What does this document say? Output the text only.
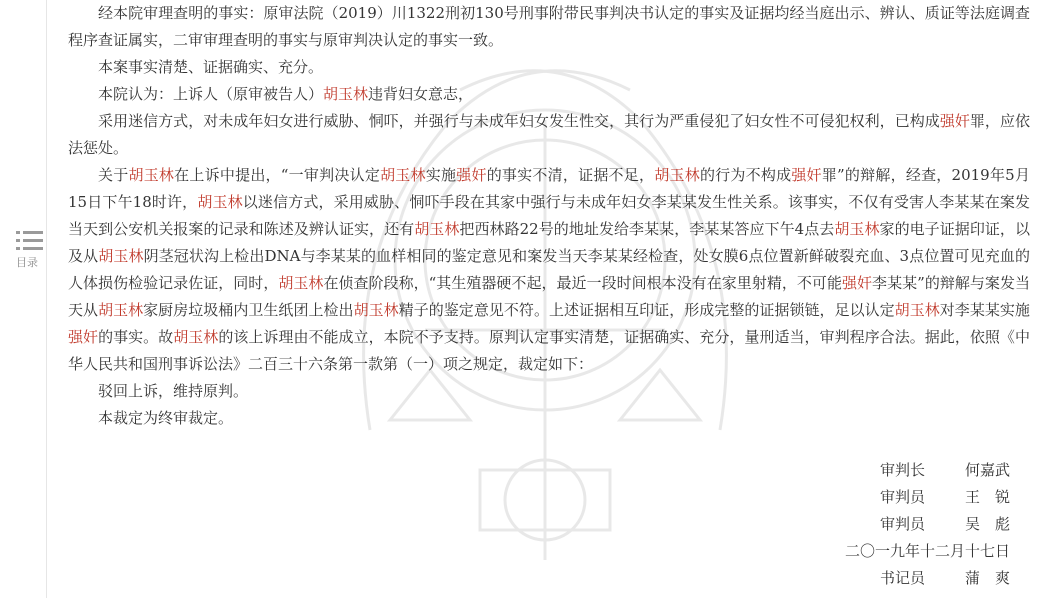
目录

经本院审理查明的事实：原审法院（2019）川1322刑初130号刑事附带民事判决书认定的事实及证据均经当庭出示、辨认、质证等法庭调查程序查证属实，二审审理查明的事实与原审判决认定的事实一致。

本案事实清楚、证据确实、充分。

本院认为：上诉人（原审被告人）胡玉林违背妇女意志，

采用迷信方式，对未成年妇女进行威胁、恫吓，并强行与未成年妇女发生性交，其行为严重侵犯了妇女性不可侵犯权利，已构成强奸罪，应依法惩处。

关于胡玉林在上诉中提出，“一审判决认定胡玉林实施强奸的事实不清，证据不足，胡玉林的行为不构成强奸罪”的辩解，经查，2019年5月15日下午18时许，胡玉林以迷信方式，采用威胁、恫吓手段在其家中强行与未成年妇女李某某发生性关系。该事实，不仅有受害人李某某在案发当天到公安机关报案的记录和陈述及辨认证实，还有胡玉林把西林路22号的地址发给李某某，李某某答应下午4点去胡玉林家的电子证据印证，以及从胡玉林阴茎冠状沟上检出DNA与李某某的血样相同的鉴定意见和案发当天李某某经检查，处女膜6点位置新鲜破裂充血、3点位置可见充血的人体损伤检验记录佐证，同时，胡玉林在侦查阶段称，“其生殖器硬不起，最近一段时间根本没有在家里射精，不可能强奸李某某”的辩解与案发当天从胡玉林家厨房垃圾桶内卫生纸团上检出胡玉林精子的鉴定意见不符。上述证据相互印证，形成完整的证据锁链，足以认定胡玉林对李某某实施强奸的事实。故胡玉林的该上诉理由不能成立，本院不予支持。原判认定事实清楚，证据确实、充分，量刑适当，审判程序合法。据此，依照《中华人民共和国刑事诉讼法》二百三十六条第一款第（一）项之规定，裁定如下：

驳回上诉，维持原判。

本裁定为终审裁定。

审判长	何嘉武
审判员	王　锐
审判员	吴　彪
二〇一九年十二月十七日
书记员	蒲　爽
